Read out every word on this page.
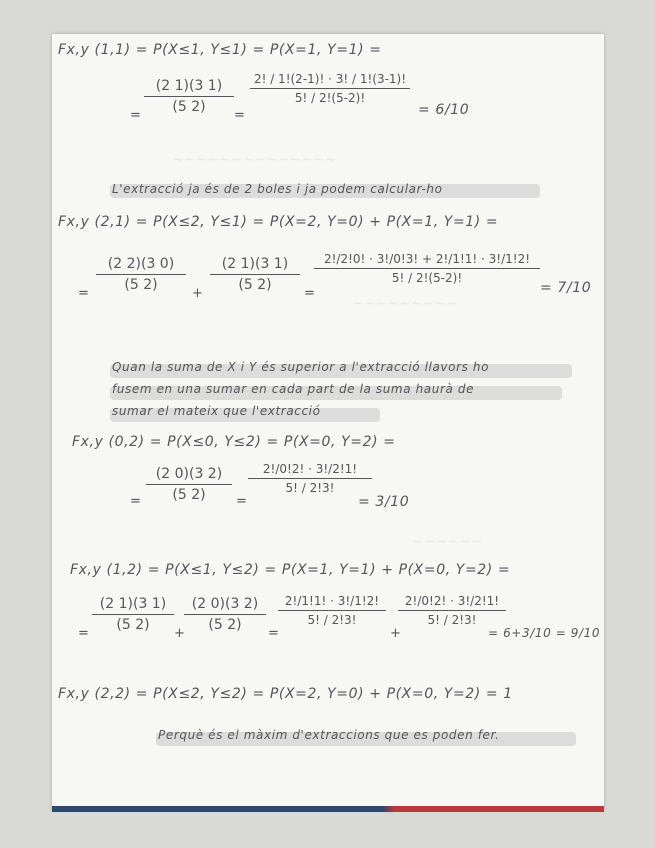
~~~~~~~~~~~~~~
~~~~~~~~~
~~~~~~
Fx,y (1,1) = P(X≤1, Y≤1) = P(X=1, Y=1) =
=
(2 1)(3 1)
(5 2)
=
2! / 1!(2-1)! · 3! / 1!(3-1)!
5! / 2!(5-2)!
= 6/10
L'extracció ja és de 2 boles i ja podem calcular-ho
Fx,y (2,1) = P(X≤2, Y≤1) = P(X=2, Y=0) + P(X=1, Y=1) =
=
(2 2)(3 0)
(5 2)
+
(2 1)(3 1)
(5 2)
=
2!/2!0! · 3!/0!3! + 2!/1!1! · 3!/1!2!
5! / 2!(5-2)!
= 7/10
Quan la suma de X i Y és superior a l'extracció llavors ho
fusem en una sumar en cada part de la suma haurà de
sumar el mateix que l'extracció
Fx,y (0,2) = P(X≤0, Y≤2) = P(X=0, Y=2) =
=
(2 0)(3 2)
(5 2)	=
2!/0!2! · 3!/2!1!
5! / 2!3!
= 3/10
Fx,y (1,2) = P(X≤1, Y≤2) = P(X=1, Y=1) + P(X=0, Y=2) =
=
(2 1)(3 1)
(5 2)
+
(2 0)(3 2)
(5 2)
=
2!/1!1! · 3!/1!2!
5! / 2!3!
+
2!/0!2! · 3!/2!1!
5! / 2!3!
= 6+3/10 = 9/10
Fx,y (2,2) = P(X≤2, Y≤2) = P(X=2, Y=0) + P(X=0, Y=2) = 1
Perquè és el màxim d'extraccions que es poden fer.
